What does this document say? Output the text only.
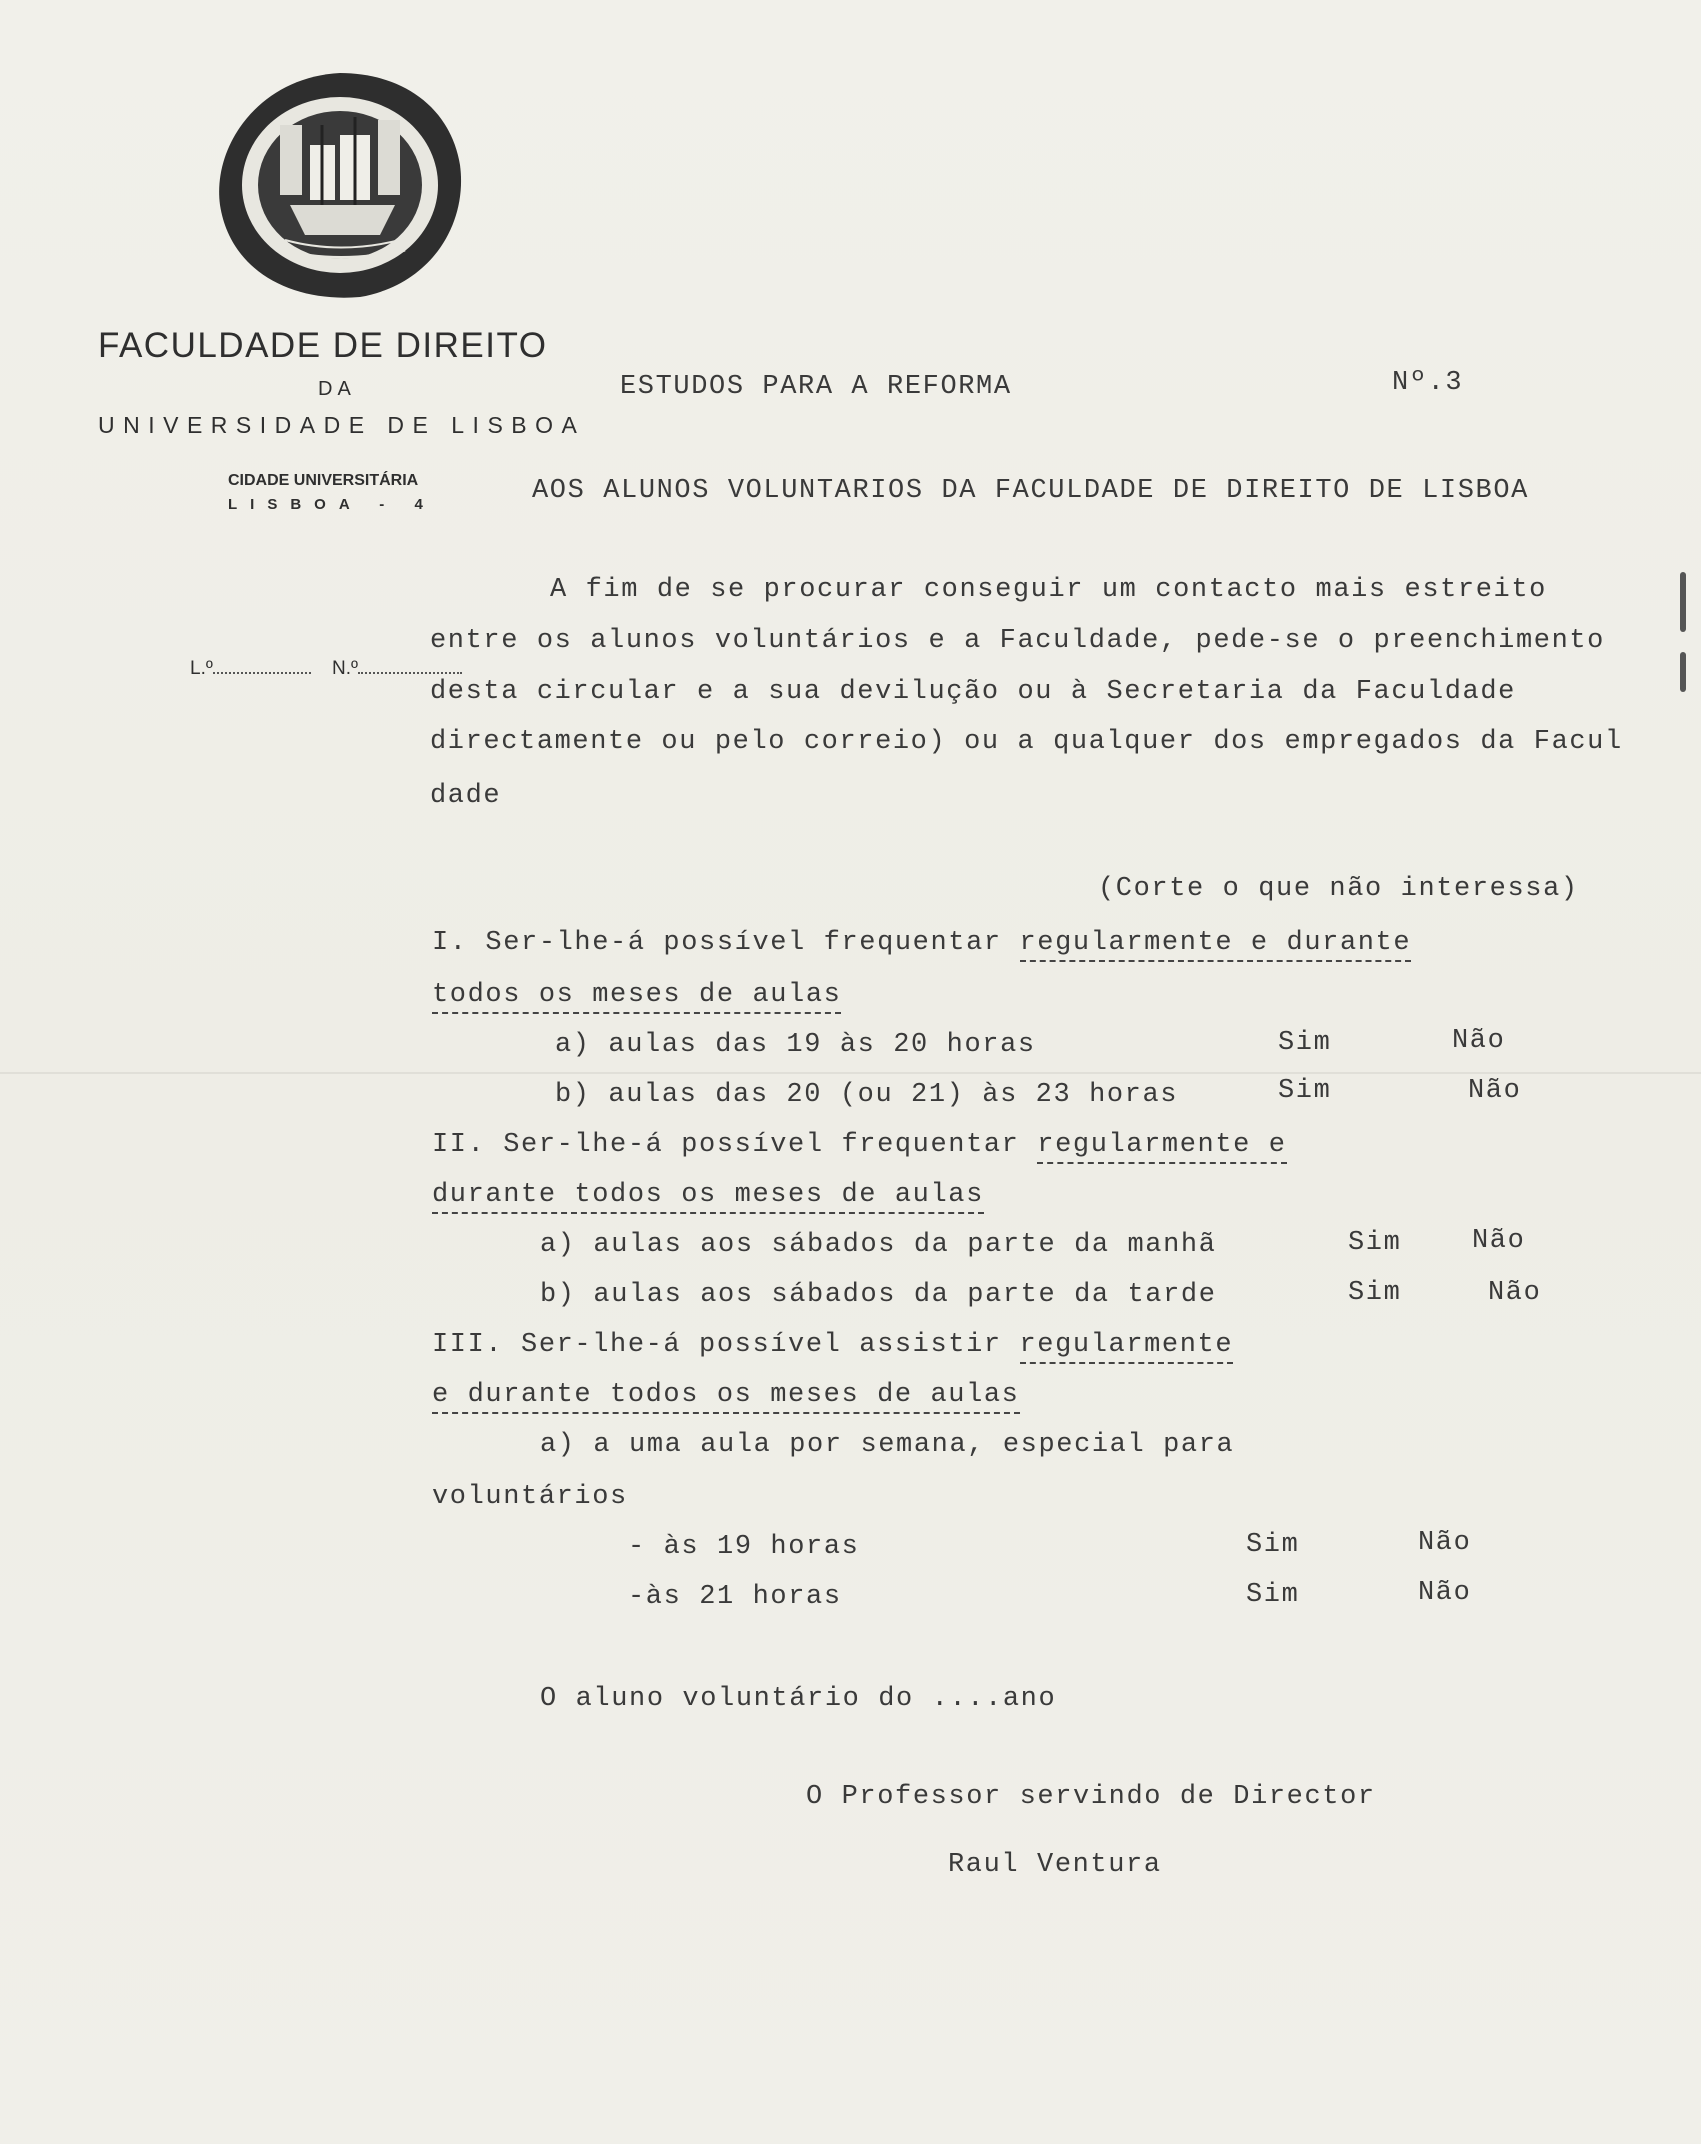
FACULDADE DE DIREITO
DA
UNIVERSIDADE DE LISBOA
CIDADE UNIVERSITÁRIA
LISBOA - 4
L.º	N.º
ESTUDOS PARA A REFORMA	Nº.3
AOS ALUNOS VOLUNTARIOS DA FACULDADE DE DIREITO DE LISBOA
A fim de se procurar conseguir um contacto mais estreito
entre os alunos voluntários e a Faculdade, pede-se o preenchimento
desta circular e a sua devilução ou à Secretaria da Faculdade
directamente ou pelo correio) ou a qualquer dos empregados da Facul
dade
(Corte o que não interessa)
I. Ser-lhe-á possível frequentar regularmente e durante
todos os meses de aulas
a) aulas das 19 às 20 horas	Sim	Não
b) aulas das 20 (ou 21) às 23 horas	Sim	Não
II. Ser-lhe-á possível frequentar regularmente e
durante todos os meses de aulas
a) aulas aos sábados da parte da manhã	Sim	Não
b) aulas aos sábados da parte da tarde	Sim	Não
III. Ser-lhe-á possível assistir regularmente
e durante todos os meses de aulas
a) a uma aula por semana, especial para
voluntários
- às 19 horas	Sim	Não
-às 21 horas	Sim	Não
O aluno voluntário do ....ano
O Professor servindo de Director
Raul Ventura
